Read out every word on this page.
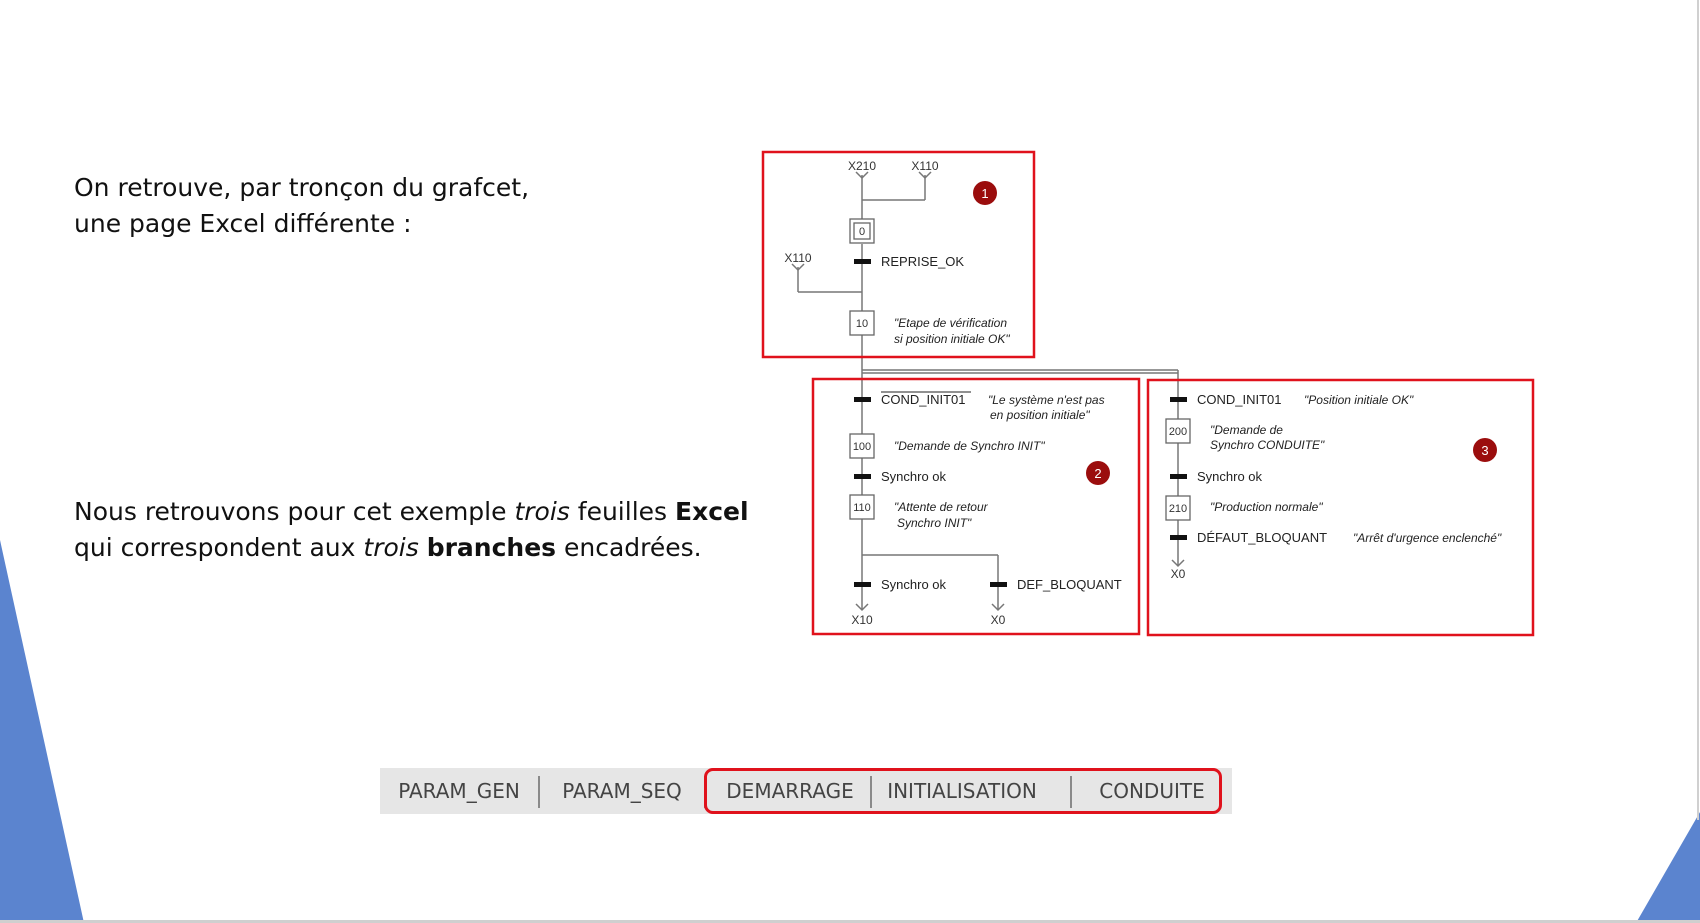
On retrouve, par tronçon du grafcet,
une page Excel différente :

Nous retrouvons pour cet exemple trois feuilles Excel
qui correspondent aux trois branches encadrées.

1
2
3
0
10
100
110
200
210
X210	X110
X110
X10	X0
X0
REPRISE_OK
COND_INIT01
Synchro ok
Synchro ok	DEF_BLOQUANT
COND_INIT01
Synchro ok
DÉFAUT_BLOQUANT
"Etape de vérification
si position initiale OK"
"Le système n'est pas
en position initiale"
"Demande de Synchro INIT"
"Attente de retour
Synchro INIT"
"Position initiale OK"
"Demande de
Synchro CONDUITE"
"Production normale"
"Arrêt d'urgence enclenché"
PARAM_GEN	PARAM_SEQ	DEMARRAGE	INITIALISATION	CONDUITE
